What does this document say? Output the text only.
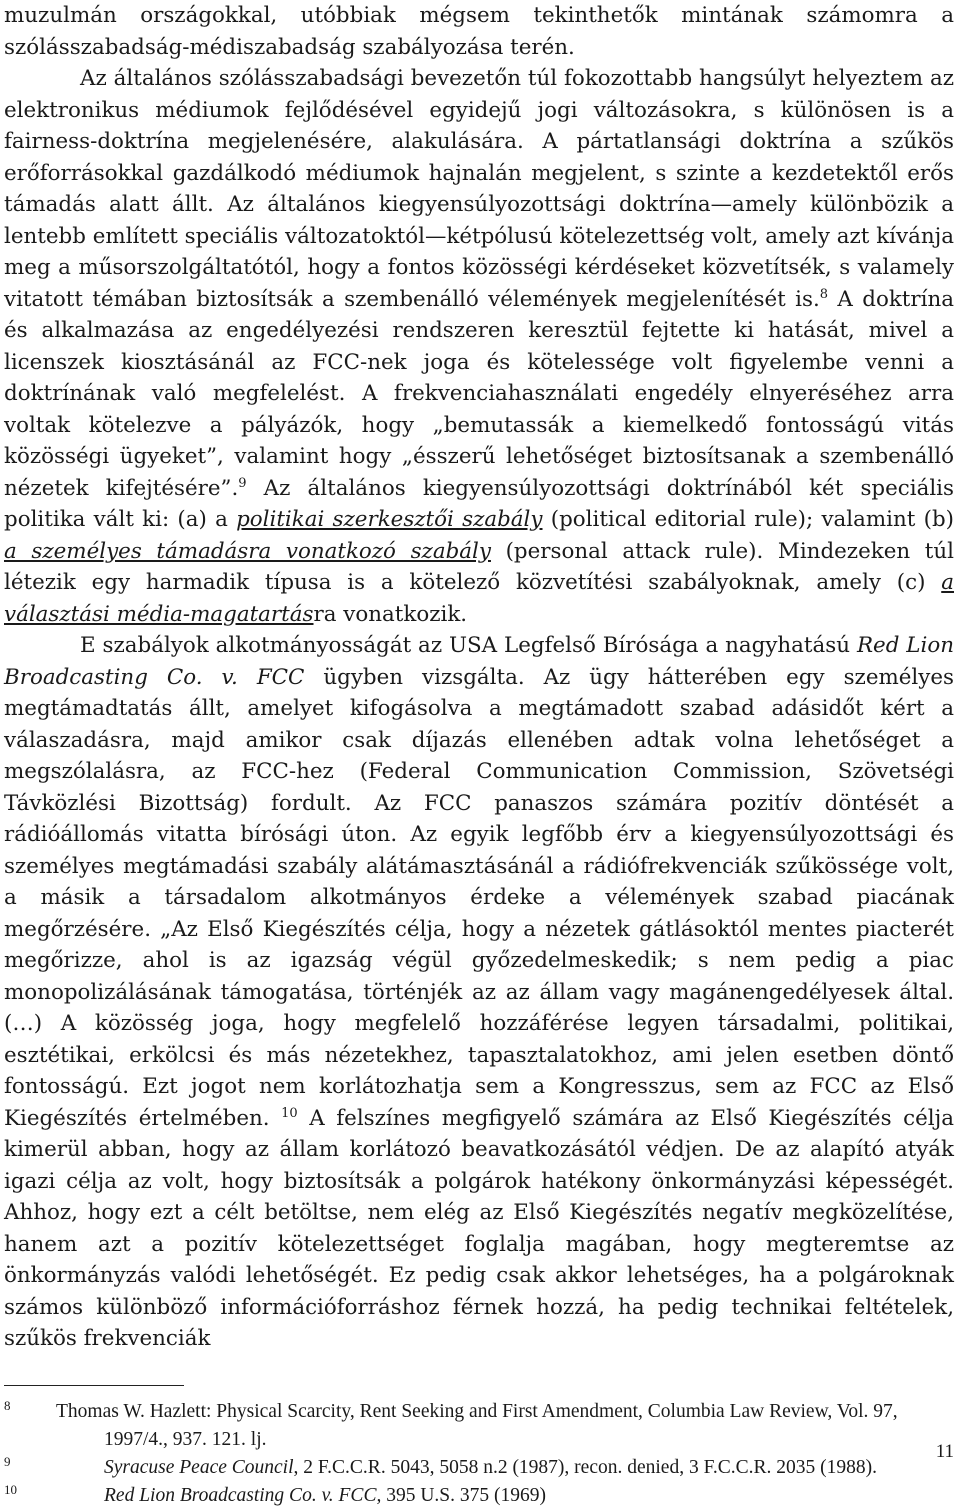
muzulmán országokkal, utóbbiak mégsem tekinthetők mintának számomra a szólásszabadság-médiszabadság szabályozása terén.

Az általános szólásszabadsági bevezetőn túl fokozottabb hangsúlyt helyeztem az elektronikus médiumok fejlődésével egyidejű jogi változásokra, s különösen is a fairness-doktrína megjelenésére, alakulására. A pártatlansági doktrína a szűkös erőforrásokkal gazdálkodó médiumok hajnalán megjelent, s szinte a kezdetektől erős támadás alatt állt. Az általános kiegyensúlyozottsági doktrína—amely különbözik a lentebb említett speciális változatoktól—kétpólusú kötelezettség volt, amely azt kívánja meg a műsorszolgáltatótól, hogy a fontos közösségi kérdéseket közvetítsék, s valamely vitatott témában biztosítsák a szembenálló vélemények megjelenítését is.$^8$ A doktrína és alkalmazása az engedélyezési rendszeren keresztül fejtette ki hatását, mivel a licenszek kiosztásánál az FCC-nek joga és kötelessége volt figyelembe venni a doktrínának való megfelelést. A frekvenciahasználati engedély elnyeréséhez arra voltak kötelezve a pályázók, hogy „bemutassák a kiemelkedő fontosságú vitás közösségi ügyeket”, valamint hogy „ésszerű lehetőséget biztosítsanak a szembenálló nézetek kifejtésére”.$^9$ Az általános kiegyensúlyozottsági doktrínából két speciális politika vált ki: (a) a politikai szerkesztői szabály (political editorial rule); valamint (b) a személyes támadásra vonatkozó szabály (personal attack rule). Mindezeken túl létezik egy harmadik típusa is a kötelező közvetítési szabályoknak, amely (c) a választási média-magatartásra vonatkozik.

E szabályok alkotmányosságát az USA Legfelső Bírósága a nagyhatású Red Lion Broadcasting Co. v. FCC ügyben vizsgálta. Az ügy hátterében egy személyes megtámadtatás állt, amelyet kifogásolva a megtámadott szabad adásidőt kért a válaszadásra, majd amikor csak díjazás ellenében adtak volna lehetőséget a megszólalásra, az FCC-hez (Federal Communication Commission, Szövetségi Távközlési Bizottság) fordult. Az FCC panaszos számára pozitív döntését a rádióállomás vitatta bírósági úton. Az egyik legfőbb érv a kiegyensúlyozottsági és személyes megtámadási szabály alátámasztásánál a rádiófrekvenciák szűkössége volt, a másik a társadalom alkotmányos érdeke a vélemények szabad piacának megőrzésére. „Az Első Kiegészítés célja, hogy a nézetek gátlásoktól mentes piacterét megőrizze, ahol is az igazság végül győzedelmeskedik; s nem pedig a piac monopolizálásának támogatása, történjék az az állam vagy magánengedélyesek által. (…) A közösség joga, hogy megfelelő hozzáférése legyen társadalmi, politikai, esztétikai, erkölcsi és más nézetekhez, tapasztalatokhoz, ami jelen esetben döntő fontosságú. Ezt jogot nem korlátozhatja sem a Kongresszus, sem az FCC az Első Kiegészítés értelmében. $^{10}$ A felszínes megfigyelő számára az Első Kiegészítés célja kimerül abban, hogy az állam korlátozó beavatkozásától védjen. De az alapító atyák igazi célja az volt, hogy biztosítsák a polgárok hatékony önkormányzási képességét. Ahhoz, hogy ezt a célt betöltse, nem elég az Első Kiegészítés negatív megközelítése, hanem azt a pozitív kötelezettséget foglalja magában, hogy megteremtse az önkormányzás valódi lehetőségét. Ez pedig csak akkor lehetséges, ha a polgároknak számos különböző információforráshoz férnek hozzá, ha pedig technikai feltételek, szűkös frekvenciák

8 Thomas W. Hazlett: Physical Scarcity, Rent Seeking and First Amendment, Columbia Law Review, Vol. 97, 1997/4., 937. 121. lj.
9	Syracuse Peace Council, 2 F.C.C.R. 5043, 5058 n.2 (1987), recon. denied, 3 F.C.C.R. 2035 (1988).
10	Red Lion Broadcasting Co. v. FCC, 395 U.S. 375 (1969)
11
